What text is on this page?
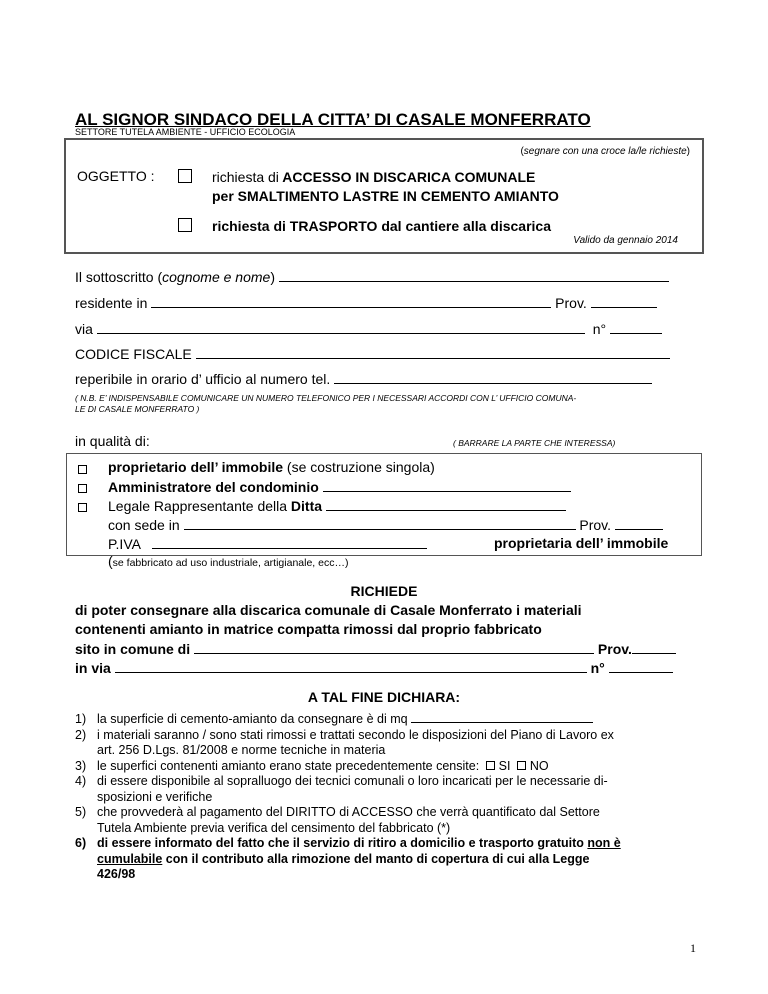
AL SIGNOR SINDACO DELLA CITTA’ DI CASALE MONFERRATO
SETTORE TUTELA AMBIENTE - UFFICIO ECOLOGIA
(segnare con una croce la/le richieste)
OGGETTO :	richiesta di ACCESSO IN DISCARICA COMUNALE
per SMALTIMENTO LASTRE IN CEMENTO AMIANTO
richiesta di TRASPORTO dal cantiere alla discarica
Valido da gennaio 2014
Il sottoscritto (cognome e nome)
residente in	Prov.
via	n°
CODICE FISCALE
reperibile in orario d’ ufficio al numero tel.
( N.B. E’ INDISPENSABILE COMUNICARE UN NUMERO TELEFONICO PER I NECESSARI ACCORDI CON L’ UFFICIO COMUNA-
LE DI CASALE MONFERRATO )
in qualità di:	( BARRARE LA PARTE CHE INTERESSA)
proprietario dell’ immobile (se costruzione singola)
Amministratore del condominio
Legale Rappresentante della Ditta
con sede in	Prov.
P.IVA	proprietaria dell’ immobile
(se fabbricato ad uso industriale, artigianale, ecc…)
RICHIEDE
di poter consegnare alla discarica comunale di Casale Monferrato i materiali
contenenti amianto in matrice compatta rimossi dal proprio fabbricato
sito in comune di	Prov.
in via	n°
A TAL FINE DICHIARA:
1) la superficie di cemento-amianto da consegnare è di mq
2) i materiali saranno / sono stati rimossi e trattati secondo le disposizioni del Piano di Lavoro ex
art. 256 D.Lgs. 81/2008 e norme tecniche in materia
3) le superfici contenenti amianto erano state precedentemente censite: SI NO
4) di essere disponibile al sopralluogo dei tecnici comunali o loro incaricati per le necessarie di-
sposizioni e verifiche
5) che provvederà al pagamento del DIRITTO di ACCESSO che verrà quantificato dal Settore
Tutela Ambiente previa verifica del censimento del fabbricato (*)
6) di essere informato del fatto che il servizio di ritiro a domicilio e trasporto gratuito non è
cumulabile con il contributo alla rimozione del manto di copertura di cui alla Legge
426/98
1
